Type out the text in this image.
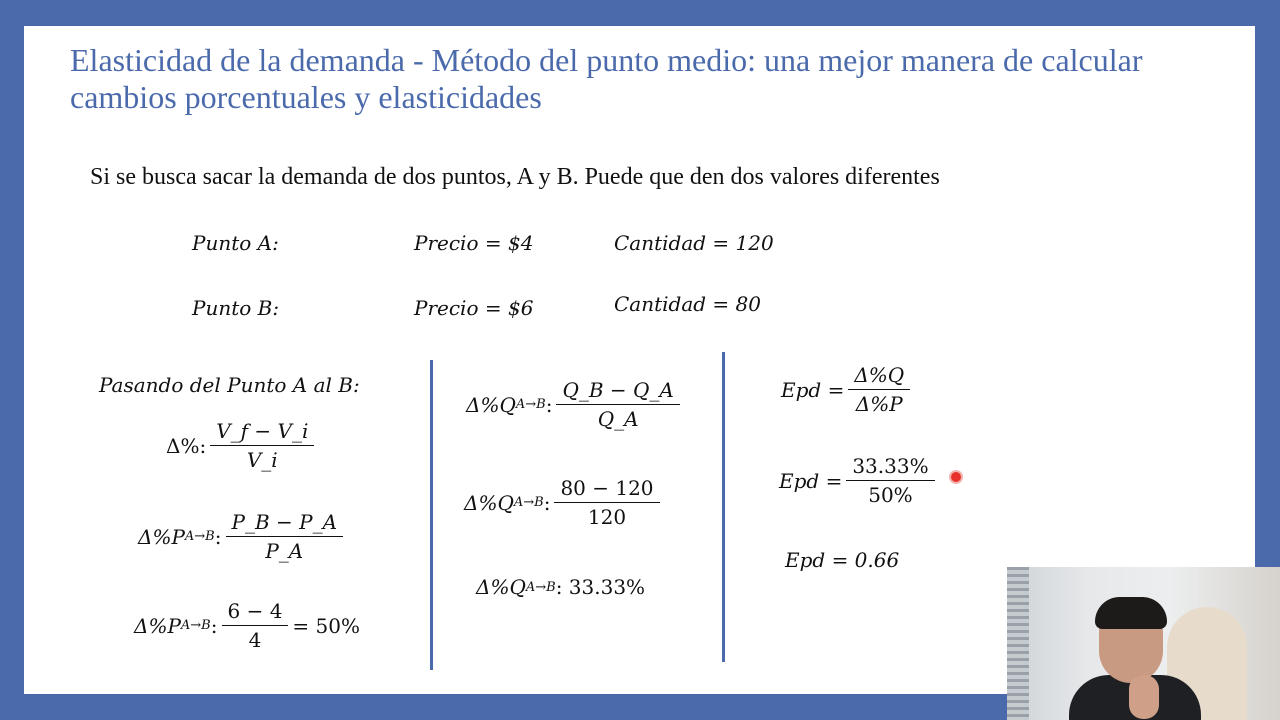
Elasticidad de la demanda - Método del punto medio: una mejor manera de calcular cambios porcentuales y elasticidades
Si se busca sacar la demanda de dos puntos, A y B. Puede que den dos valores diferentes
Punto A:	Precio = $4	Cantidad = 120
Punto B:	Precio = $6	Cantidad = 80
Pasando del Punto A al B:
Δ%: $\frac{V\_f - V\_i}{V\_i}$
Δ%P A→B : $\frac{P\_B - P\_A}{P\_A}$
Δ%P A→B : $\frac{6 - 4}{4} = 50\%$
Δ%Q A→B : $\frac{Q\_B - Q\_A}{Q\_A}$
Δ%Q A→B : $\frac{80 - 120}{120}$
Δ%Q A→B : 33.33%
Epd = $\frac{\Delta\%Q}{\Delta\%P}$
Epd = $\frac{33.33\%}{50\%}$
Epd = 0.66
